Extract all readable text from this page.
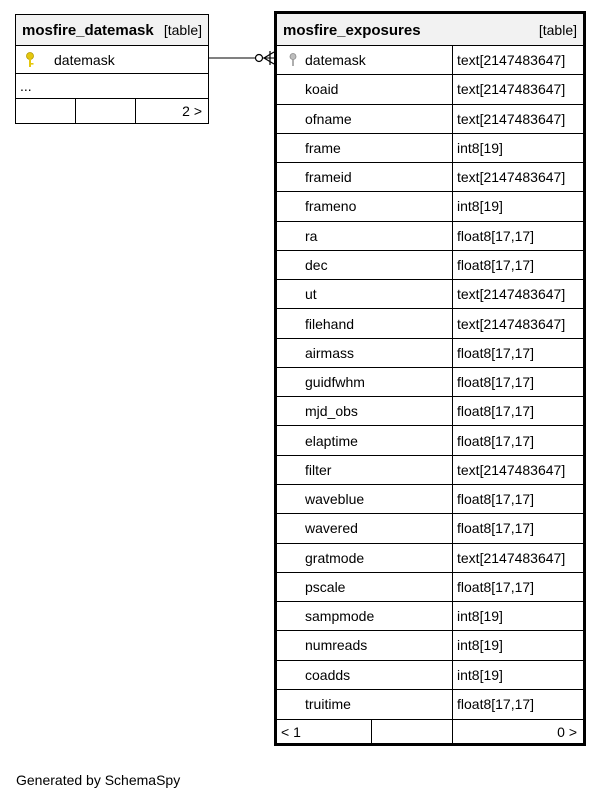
mosfire_datemask [table]
datemask
...
2 >
mosfire_exposures	[table]
datemask	text[2147483647]
koaid	text[2147483647]
ofname	text[2147483647]
frame	int8[19]
frameid	text[2147483647]
frameno	int8[19]
ra	float8[17,17]
dec	float8[17,17]
ut	text[2147483647]
filehand	text[2147483647]
airmass	float8[17,17]
guidfwhm	float8[17,17]
mjd_obs	float8[17,17]
elaptime	float8[17,17]
filter	text[2147483647]
waveblue	float8[17,17]
wavered	float8[17,17]
gratmode	text[2147483647]
pscale	float8[17,17]
sampmode	int8[19]
numreads	int8[19]
coadds	int8[19]
truitime	float8[17,17]
< 1	0 >
Generated by SchemaSpy
